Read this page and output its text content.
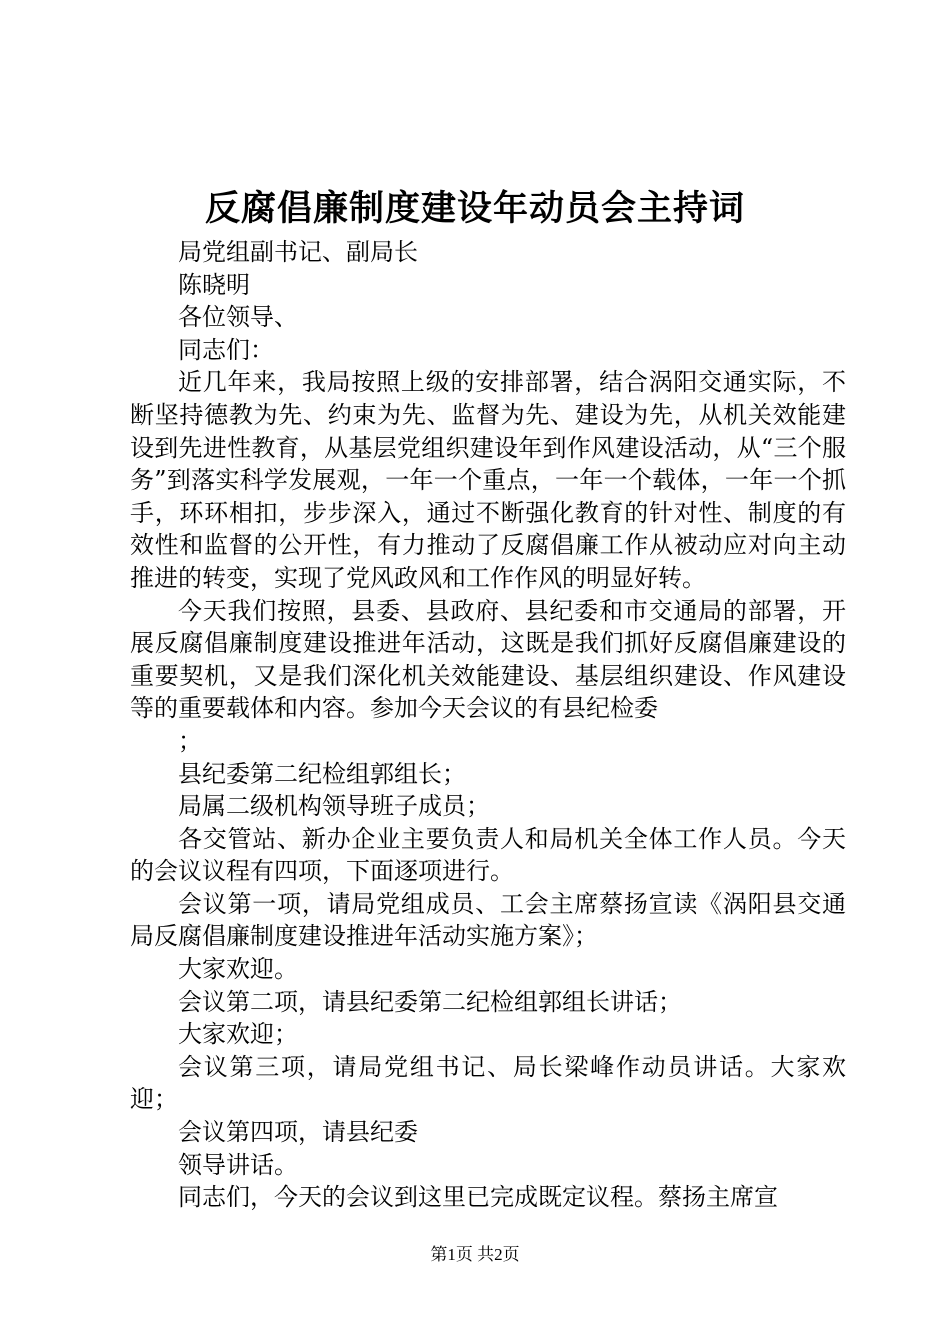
反腐倡廉制度建设年动员会主持词

局党组副书记、副局长

陈晓明

各位领导、

同志们：

近几年来，我局按照上级的安排部署，结合涡阳交通实际，不断坚持德教为先、约束为先、监督为先、建设为先，从机关效能建设到先进性教育，从基层党组织建设年到作风建设活动，从“三个服务”到落实科学发展观，一年一个重点，一年一个载体，一年一个抓手，环环相扣，步步深入，通过不断强化教育的针对性、制度的有效性和监督的公开性，有力推动了反腐倡廉工作从被动应对向主动推进的转变，实现了党风政风和工作作风的明显好转。

今天我们按照，县委、县政府、县纪委和市交通局的部署，开展反腐倡廉制度建设推进年活动，这既是我们抓好反腐倡廉建设的重要契机，又是我们深化机关效能建设、基层组织建设、作风建设等的重要载体和内容。参加今天会议的有县纪检委

；

县纪委第二纪检组郭组长；

局属二级机构领导班子成员；

各交管站、新办企业主要负责人和局机关全体工作人员。今天的会议议程有四项，下面逐项进行。

会议第一项，请局党组成员、工会主席蔡扬宣读《涡阳县交通局反腐倡廉制度建设推进年活动实施方案》；

大家欢迎。

会议第二项，请县纪委第二纪检组郭组长讲话；

大家欢迎；

会议第三项，请局党组书记、局长梁峰作动员讲话。大家欢迎；

会议第四项，请县纪委

领导讲话。

同志们，今天的会议到这里已完成既定议程。蔡扬主席宣

第1页 共2页
